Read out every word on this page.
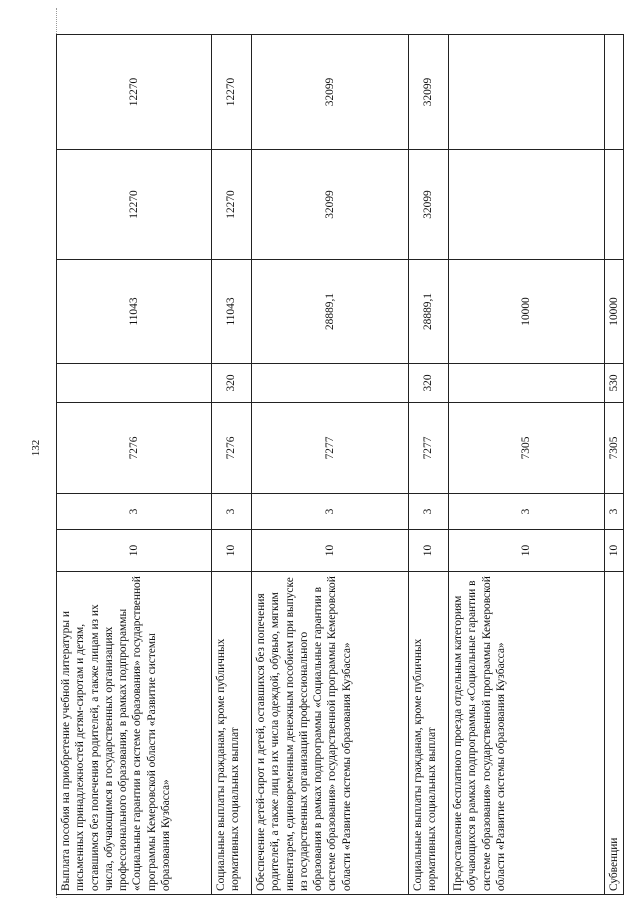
132
Выплата пособия на приобретение учебной литературы и письменных принадлежностей детям-сиротам и детям, оставшимся без попечения родителей, а также лицам из их числа, обучающимся в государственных организациях профессионального образования, в рамках подпрограммы «Социальные гарантии в системе образования» государственной программы Кемеровской области «Развитие системы образования Кузбасса»	10	3	7276		11043	12270	12270
Социальные выплаты гражданам, кроме публичных нормативных социальных выплат	10	3	7276	320	11043	12270	12270
Обеспечение детей-сирот и детей, оставшихся без попечения родителей, а также лиц из их числа одеждой, обувью, мягким инвентарем, единовременным денежным пособием при выпуске из государственных организаций профессионального образования в рамках подпрограммы «Социальные гарантии в системе образования» государственной программы Кемеровской области «Развитие системы образования Кузбасса»	10	3	7277		28889,1	32099	32099
Социальные выплаты гражданам, кроме публичных нормативных социальных выплат	10	3	7277	320	28889,1	32099	32099
Предоставление бесплатного проезда отдельным категориям обучающихся в рамках подпрограммы «Социальные гарантии в системе образования» государственной программы Кемеровской области «Развитие системы образования Кузбасса»	10	3	7305		10000		
Субвенции	10	3	7305	530	10000		
